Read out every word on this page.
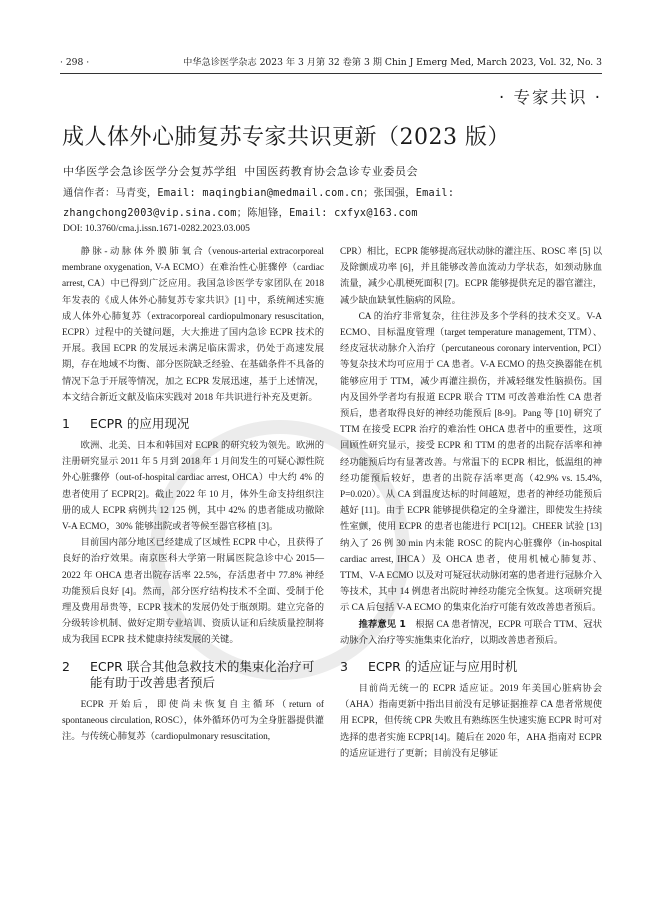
· 298 ·	中华急诊医学杂志 2023 年 3 月第 32 卷第 3 期 Chin J Emerg Med, March 2023, Vol. 32, No. 3
· 专家共识 ·
成人体外心肺复苏专家共识更新（2023 版）
中华医学会急诊医学分会复苏学组 中国医药教育协会急诊专业委员会
通信作者：马青变，Email: maqingbian@medmail.com.cn；张国强，Email:
zhangchong2003@vip.sina.com；陈旭锋，Email: cxfyx@163.com
DOI: 10.3760/cma.j.issn.1671-0282.2023.03.005

静 脉 - 动 脉 体 外 膜 肺 氧 合（venous-arterial extracorporeal membrane oxygenation, V-A ECMO）在难治性心脏骤停（cardiac arrest, CA）中已得到广泛应用。我国急诊医学专家团队在 2018 年发表的《成人体外心肺复苏专家共识》[1] 中，系统阐述实施成人体外心肺复苏（extracorporeal cardiopulmonary resuscitation, ECPR）过程中的关键问题，大大推进了国内急诊 ECPR 技术的开展。我国 ECPR 的发展远未满足临床需求，仍处于高速发展期，存在地域不均衡、部分医院缺乏经验、在基础条件不具备的情况下急于开展等情况，加之 ECPR 发展迅速，基于上述情况，本文结合新近文献及临床实践对 2018 年共识进行补充及更新。

1	ECPR 的应用现况

欧洲、北美、日本和韩国对 ECPR 的研究较为领先。欧洲的注册研究显示 2011 年 5 月到 2018 年 1 月间发生的可疑心源性院外心脏骤停（out-of-hospital cardiac arrest, OHCA）中大约 4% 的患者使用了 ECPR[2]。截止 2022 年 10 月，体外生命支持组织注册的成人 ECPR 病例共 12 125 例，其中 42% 的患者能成功撤除 V-A ECMO，30% 能够出院或者等候至器官移植 [3]。

目前国内部分地区已经建成了区域性 ECPR 中心，且获得了良好的治疗效果。南京医科大学第一附属医院急诊中心 2015—2022 年 OHCA 患者出院存活率 22.5%，存活患者中 77.8% 神经功能预后良好 [4]。然而，部分医疗结构技术不全面、受制于伦理及费用昂贵等，ECPR 技术的发展仍处于瓶颈期。建立完备的分级转诊机制、做好定期专业培训、资质认证和后续质量控制将成为我国 ECPR 技术健康持续发展的关键。

2	ECPR 联合其他急救技术的集束化治疗可能有助于改善患者预后

ECPR 开始后，即使尚未恢复自主循环（return of spontaneous circulation, ROSC），体外循环仍可为全身脏器提供灌注。与传统心肺复苏（cardiopulmonary resuscitation,

CPR）相比，ECPR 能够提高冠状动脉的灌注压、ROSC 率 [5] 以及除颤成功率 [6]，并且能够改善血流动力学状态，如颈动脉血流量，减少心肌梗死面积 [7]。ECPR 能够提供充足的器官灌注，减少缺血缺氧性脑病的风险。

CA 的治疗非常复杂，往往涉及多个学科的技术交叉。V-A ECMO、目标温度管理（target temperature management, TTM）、经皮冠状动脉介入治疗（percutaneous coronary intervention, PCI）等复杂技术均可应用于 CA 患者。V-A ECMO 的热交换器能在机能够应用于 TTM，减少再灌注损伤，并减轻继发性脑损伤。国内及国外学者均有报道 ECPR 联合 TTM 可改善难治性 CA 患者预后，患者取得良好的神经功能预后 [8-9]。Pang 等 [10] 研究了 TTM 在接受 ECPR 治疗的难治性 OHCA 患者中的重要性，这项回顾性研究显示，接受 ECPR 和 TTM 的患者的出院存活率和神经功能预后均有显著改善。与常温下的 ECPR 相比，低温组的神经功能预后较好，患者的出院存活率更高（42.9% vs. 15.4%, P=0.020）。从 CA 到温度达标的时间越短，患者的神经功能预后越好 [11]。由于 ECPR 能够提供稳定的全身灌注，即使发生持续性室颤，使用 ECPR 的患者也能进行 PCI[12]。CHEER 试验 [13] 纳入了 26 例 30 min 内未能 ROSC 的院内心脏骤停（in-hospital cardiac arrest, IHCA）及 OHCA 患者，使用机械心肺复苏、TTM、V-A ECMO 以及对可疑冠状动脉闭塞的患者进行冠脉介入等技术，其中 14 例患者出院时神经功能完全恢复。这项研究提示 CA 后包括 V-A ECMO 的集束化治疗可能有效改善患者预后。

推荐意见 1　 根据 CA 患者情况，ECPR 可联合 TTM、冠状动脉介入治疗等实施集束化治疗，以期改善患者预后。

3	ECPR 的适应证与应用时机

目前尚无统一的 ECPR 适应证。2019 年美国心脏病协会（AHA）指南更新中指出目前没有足够证据推荐 CA 患者常规使用 ECPR，但传统 CPR 失败且有熟练医生快速实施 ECPR 时可对选择的患者实施 ECPR[14]。随后在 2020 年，AHA 指南对 ECPR 的适应证进行了更新；目前没有足够证
